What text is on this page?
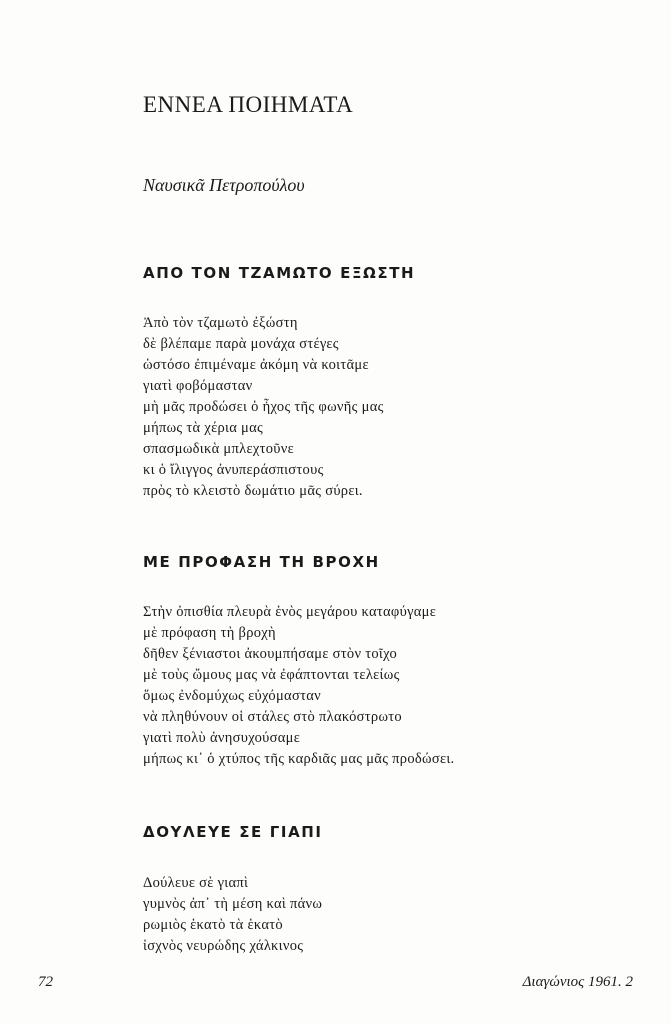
ΕΝΝΕΑ ΠΟΙΗΜΑΤΑ
Ναυσικᾶ Πετροπούλου
ΑΠΟ ΤΟΝ ΤΖΑΜΩΤΟ ΕΞΩΣΤΗ
Ἀπὸ τὸν τζαμωτὸ ἐξώστη
δὲ βλέπαμε παρὰ μονάχα στέγες
ὡστόσο ἐπιμέναμε ἀκόμη νὰ κοιτᾶμε
γιατὶ φοβόμασταν
μὴ μᾶς προδώσει ὁ ἦχος τῆς φωνῆς μας
μήπως τὰ χέρια μας
σπασμωδικὰ μπλεχτοῦνε
κι ὁ ἴλιγγος ἀνυπεράσπιστους
πρὸς τὸ κλειστὸ δωμάτιο μᾶς σύρει.
ΜΕ ΠΡΟΦΑΣΗ ΤΗ ΒΡΟΧΗ
Στὴν ὀπισθία πλευρὰ ἑνὸς μεγάρου καταφύγαμε
μὲ πρόφαση τὴ βροχὴ
δῆθεν ξένιαστοι ἀκουμπήσαμε στὸν τοῖχο
μὲ τοὺς ὤμους μας νὰ ἐφάπτονται τελείως
ὅμως ἐνδομύχως εὐχόμασταν
νὰ πληθύνουν οἱ στάλες στὸ πλακόστρωτο
γιατὶ πολὺ ἀνησυχούσαμε
μήπως κι᾽ ὁ χτύπος τῆς καρδιᾶς μας μᾶς προδώσει.
ΔΟΥΛΕΥΕ ΣΕ ΓΙΑΠΙ
Δούλευε σὲ γιαπὶ
γυμνὸς ἀπ᾽ τὴ μέση καὶ πάνω
ρωμιὸς ἑκατὸ τὰ ἑκατὸ
ἰσχνὸς νευρώδης χάλκινος
72	Διαγώνιος 1961. 2
